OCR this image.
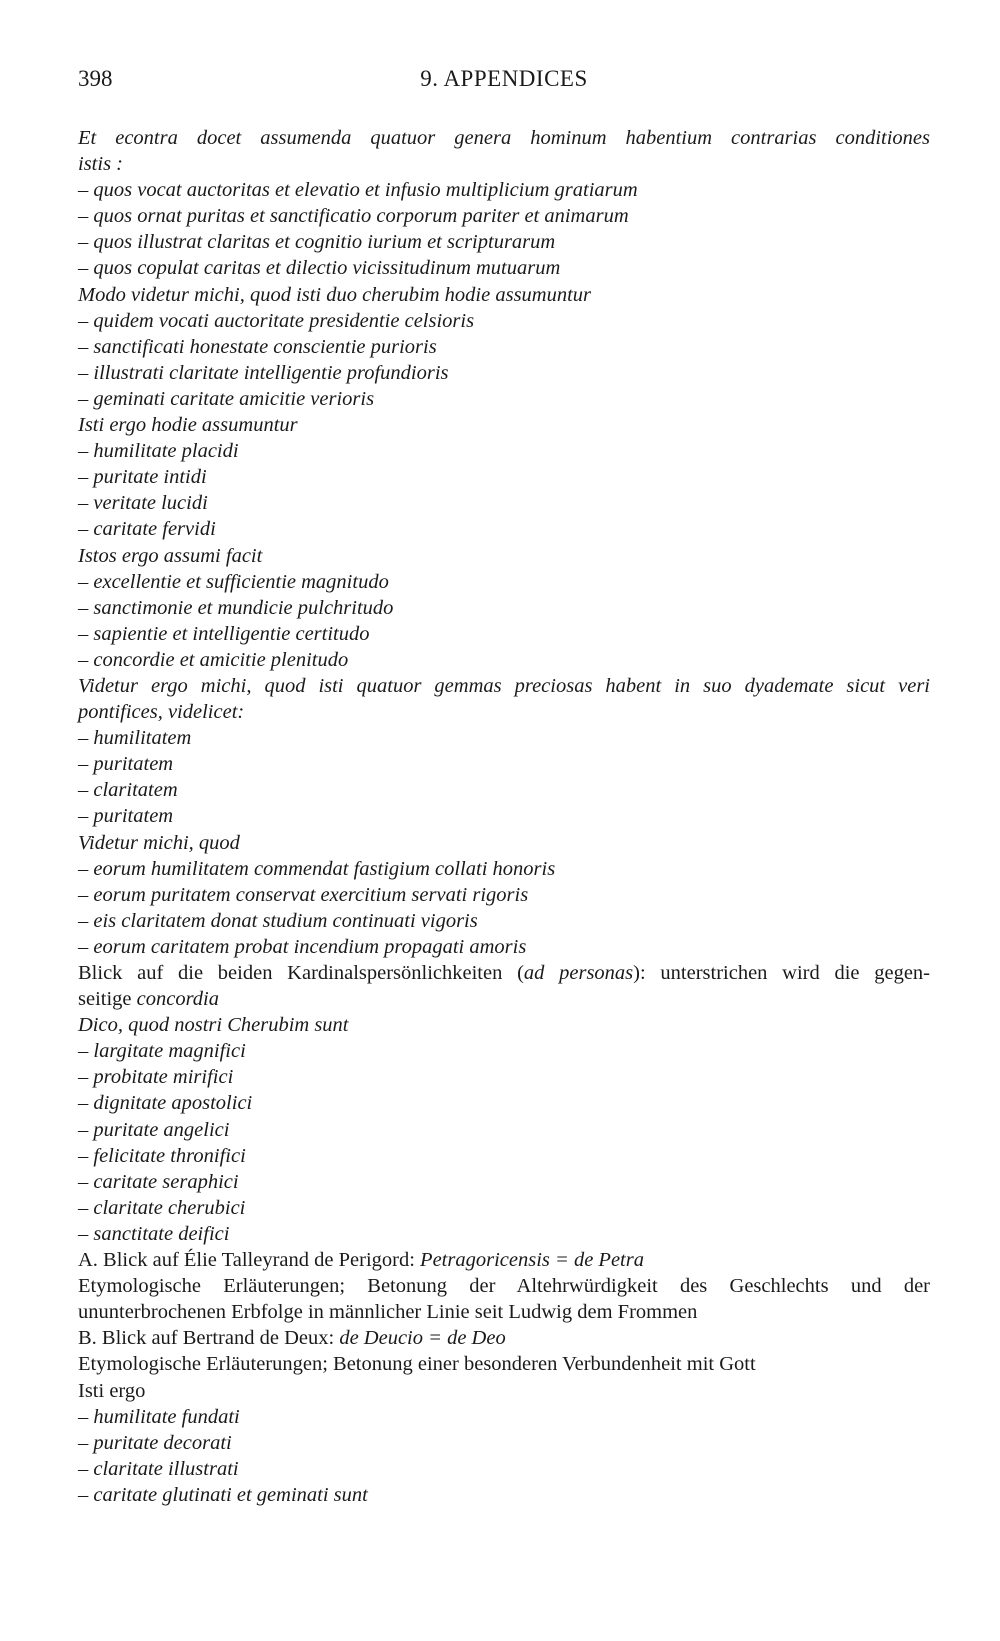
398	9. APPENDICES
Et econtra docet assumenda quatuor genera hominum habentium contrarias conditiones
istis :
– quos vocat auctoritas et elevatio et infusio multiplicium gratiarum
– quos ornat puritas et sanctificatio corporum pariter et animarum
– quos illustrat claritas et cognitio iurium et scripturarum
– quos copulat caritas et dilectio vicissitudinum mutuarum
Modo videtur michi, quod isti duo cherubim hodie assumuntur
– quidem vocati auctoritate presidentie celsioris
– sanctificati honestate conscientie purioris
– illustrati claritate intelligentie profundioris
– geminati caritate amicitie verioris
Isti ergo hodie assumuntur
– humilitate placidi
– puritate intidi
– veritate lucidi
– caritate fervidi
Istos ergo assumi facit
– excellentie et sufficientie magnitudo
– sanctimonie et mundicie pulchritudo
– sapientie et intelligentie certitudo
– concordie et amicitie plenitudo
Videtur ergo michi, quod isti quatuor gemmas preciosas habent in suo dyademate sicut veri
pontifices, videlicet:
– humilitatem
– puritatem
– claritatem
– puritatem
Videtur michi, quod
– eorum humilitatem commendat fastigium collati honoris
– eorum puritatem conservat exercitium servati rigoris
– eis claritatem donat studium continuati vigoris
– eorum caritatem probat incendium propagati amoris
Blick auf die beiden Kardinalspersönlichkeiten (ad personas): unterstrichen wird die gegen-
seitige concordia
Dico, quod nostri Cherubim sunt
– largitate magnifici
– probitate mirifici
– dignitate apostolici
– puritate angelici
– felicitate thronifici
– caritate seraphici
– claritate cherubici
– sanctitate deifici
A. Blick auf Élie Talleyrand de Perigord: Petragoricensis = de Petra
Etymologische Erläuterungen; Betonung der Altehrwürdigkeit des Geschlechts und der
ununterbrochenen Erbfolge in männlicher Linie seit Ludwig dem Frommen
B. Blick auf Bertrand de Deux: de Deucio = de Deo
Etymologische Erläuterungen; Betonung einer besonderen Verbundenheit mit Gott
Isti ergo
– humilitate fundati
– puritate decorati
– claritate illustrati
– caritate glutinati et geminati sunt
